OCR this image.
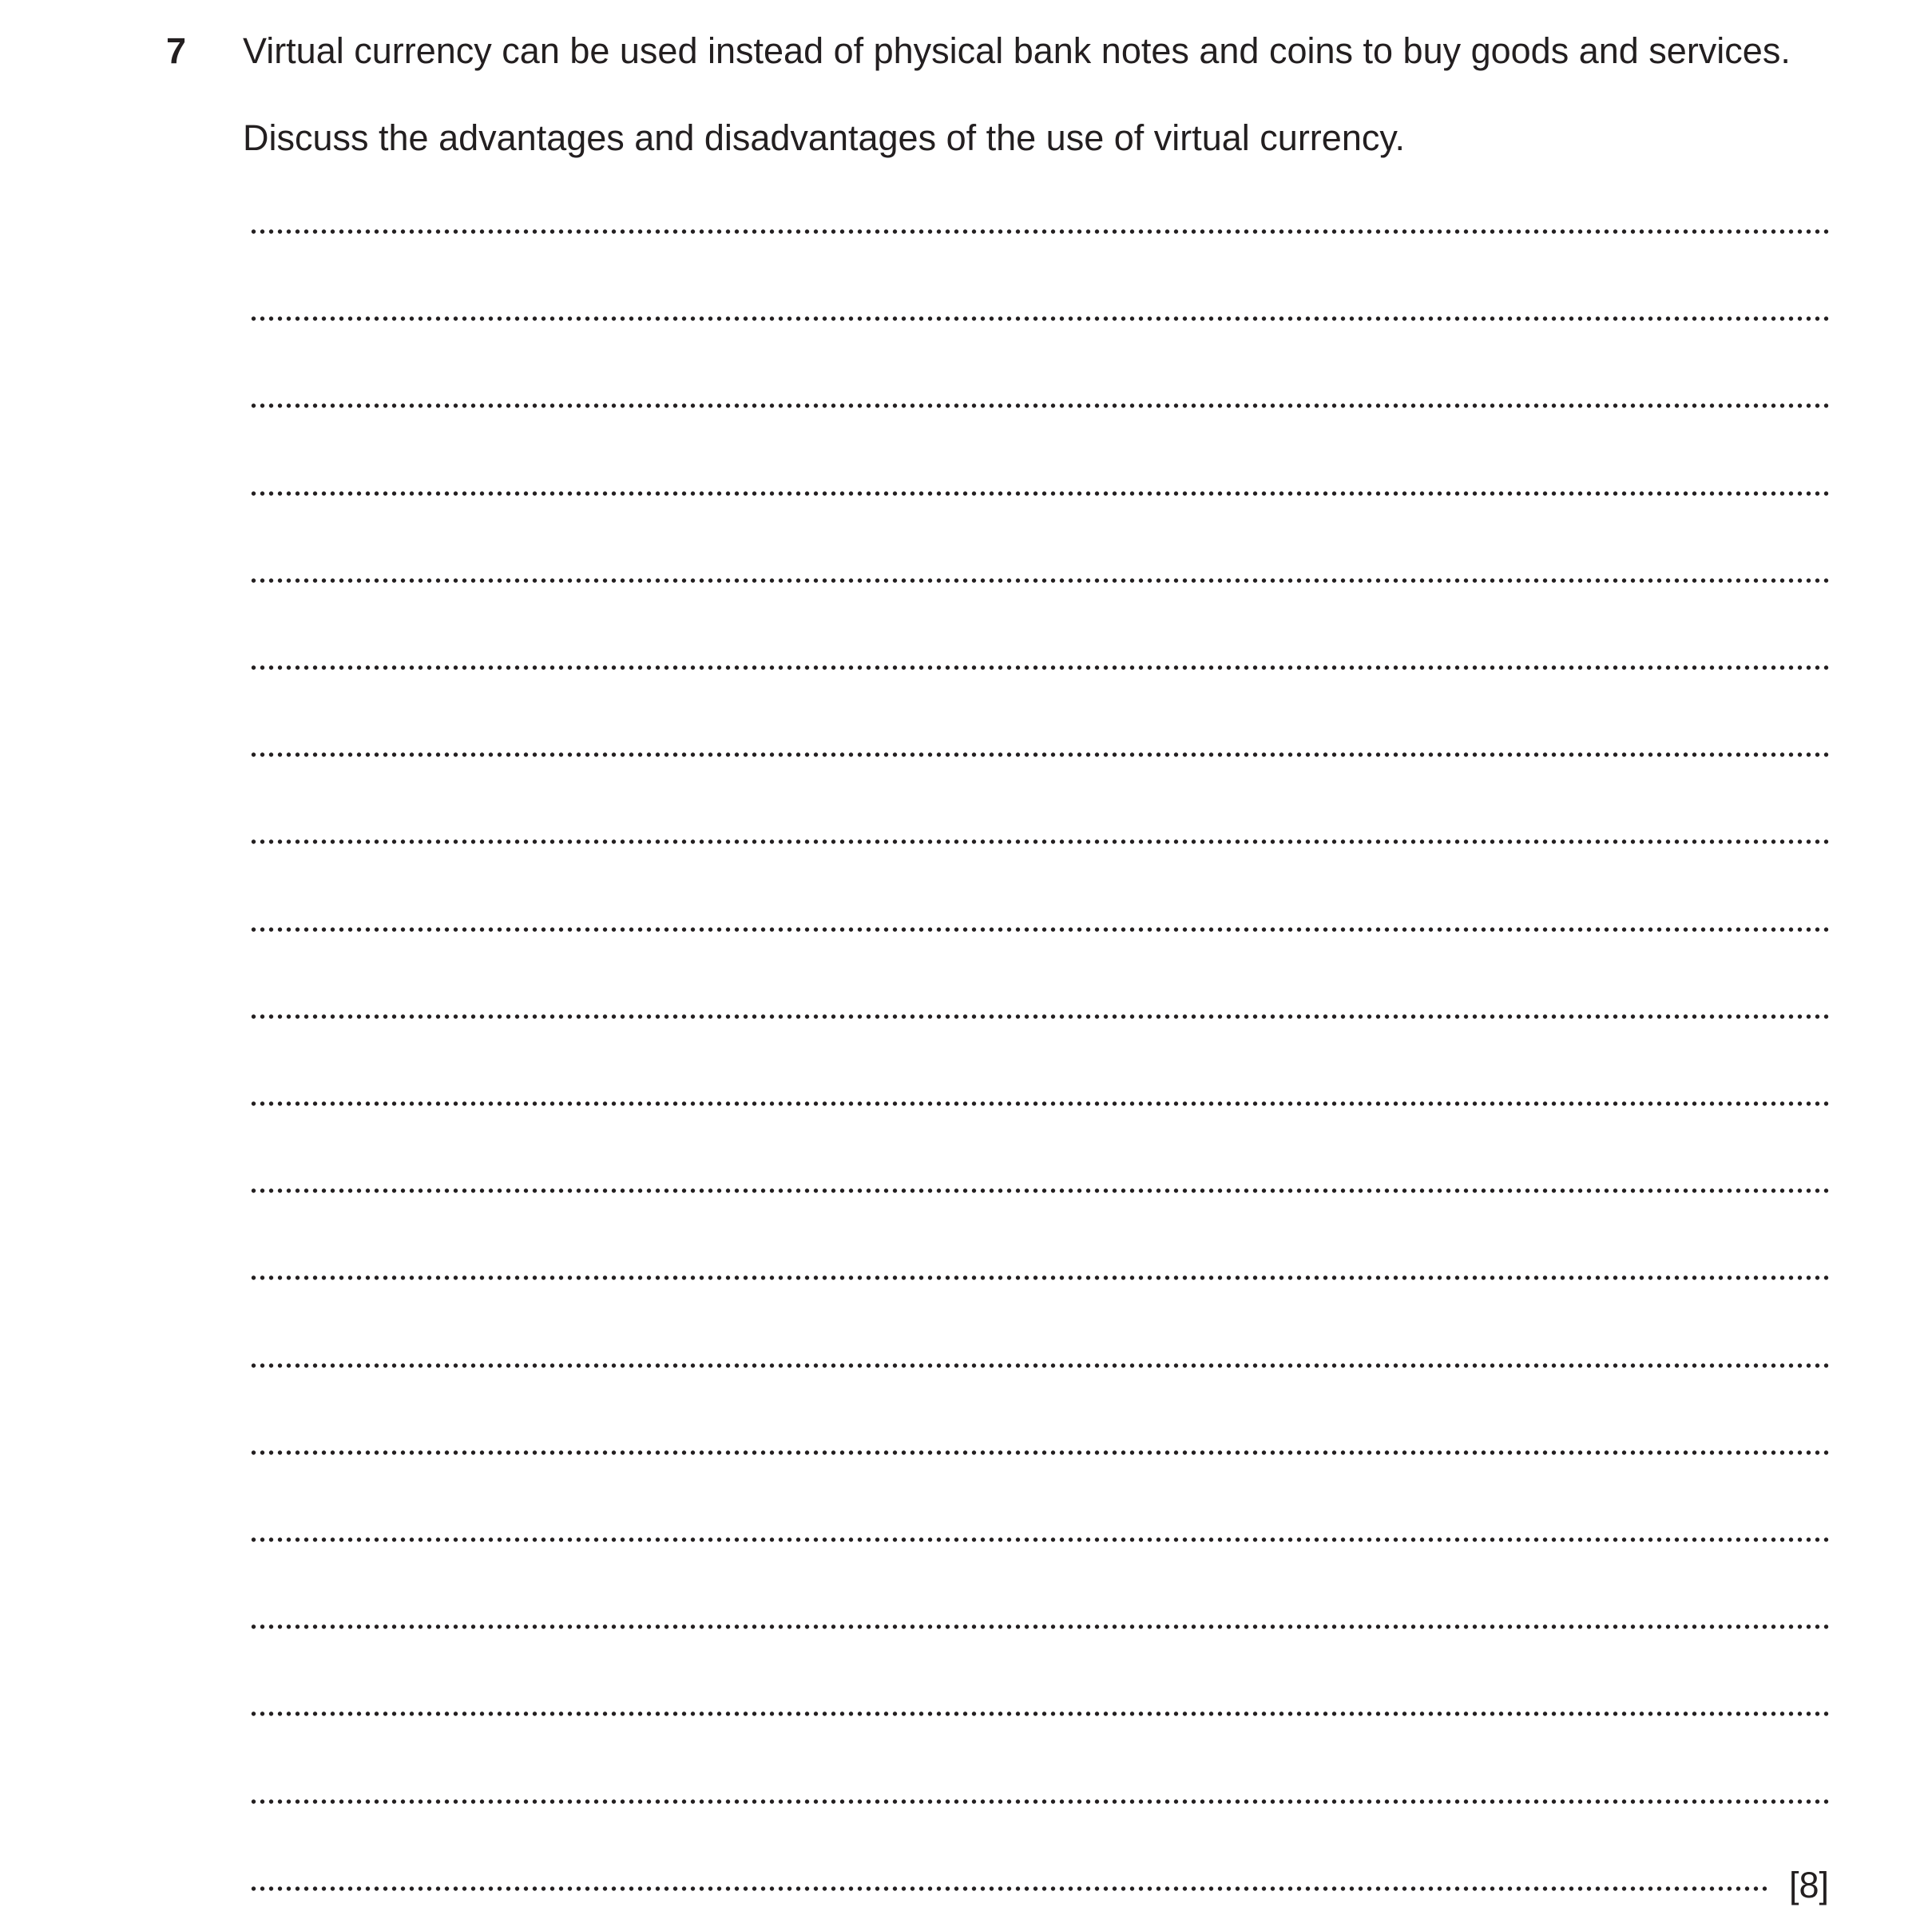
7 Virtual currency can be used instead of physical bank notes and coins to buy goods and services.
Discuss the advantages and disadvantages of the use of virtual currency.
[8]
